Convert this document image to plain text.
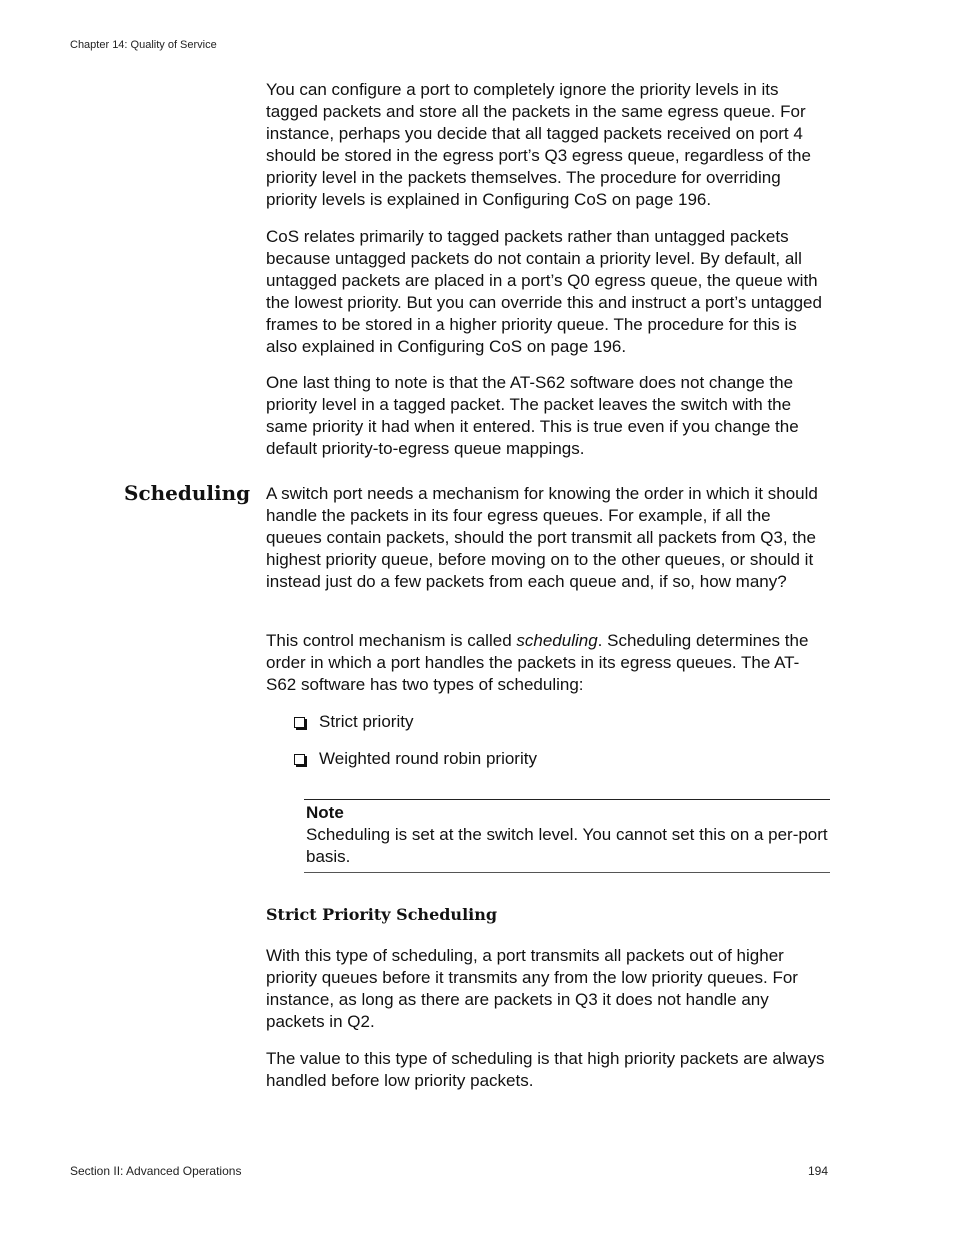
Chapter 14: Quality of Service

You can configure a port to completely ignore the priority levels in its tagged packets and store all the packets in the same egress queue. For instance, perhaps you decide that all tagged packets received on port 4 should be stored in the egress port’s Q3 egress queue, regardless of the priority level in the packets themselves. The procedure for overriding priority levels is explained in Configuring CoS on page 196.

CoS relates primarily to tagged packets rather than untagged packets because untagged packets do not contain a priority level. By default, all untagged packets are placed in a port’s Q0 egress queue, the queue with the lowest priority. But you can override this and instruct a port’s untagged frames to be stored in a higher priority queue. The procedure for this is also explained in Configuring CoS on page 196.

One last thing to note is that the AT-S62 software does not change the priority level in a tagged packet. The packet leaves the switch with the same priority it had when it entered. This is true even if you change the default priority-to-egress queue mappings.

Scheduling A switch port needs a mechanism for knowing the order in which it should handle the packets in its four egress queues. For example, if all the queues contain packets, should the port transmit all packets from Q3, the highest priority queue, before moving on to the other queues, or should it instead just do a few packets from each queue and, if so, how many?

This control mechanism is called scheduling. Scheduling determines the order in which a port handles the packets in its egress queues. The AT-S62 software has two types of scheduling:

Strict priority
Weighted round robin priority
Note
Scheduling is set at the switch level. You cannot set this on a per-port basis.
Strict Priority Scheduling

With this type of scheduling, a port transmits all packets out of higher priority queues before it transmits any from the low priority queues. For instance, as long as there are packets in Q3 it does not handle any packets in Q2.

The value to this type of scheduling is that high priority packets are always handled before low priority packets.

Section II: Advanced Operations	194
